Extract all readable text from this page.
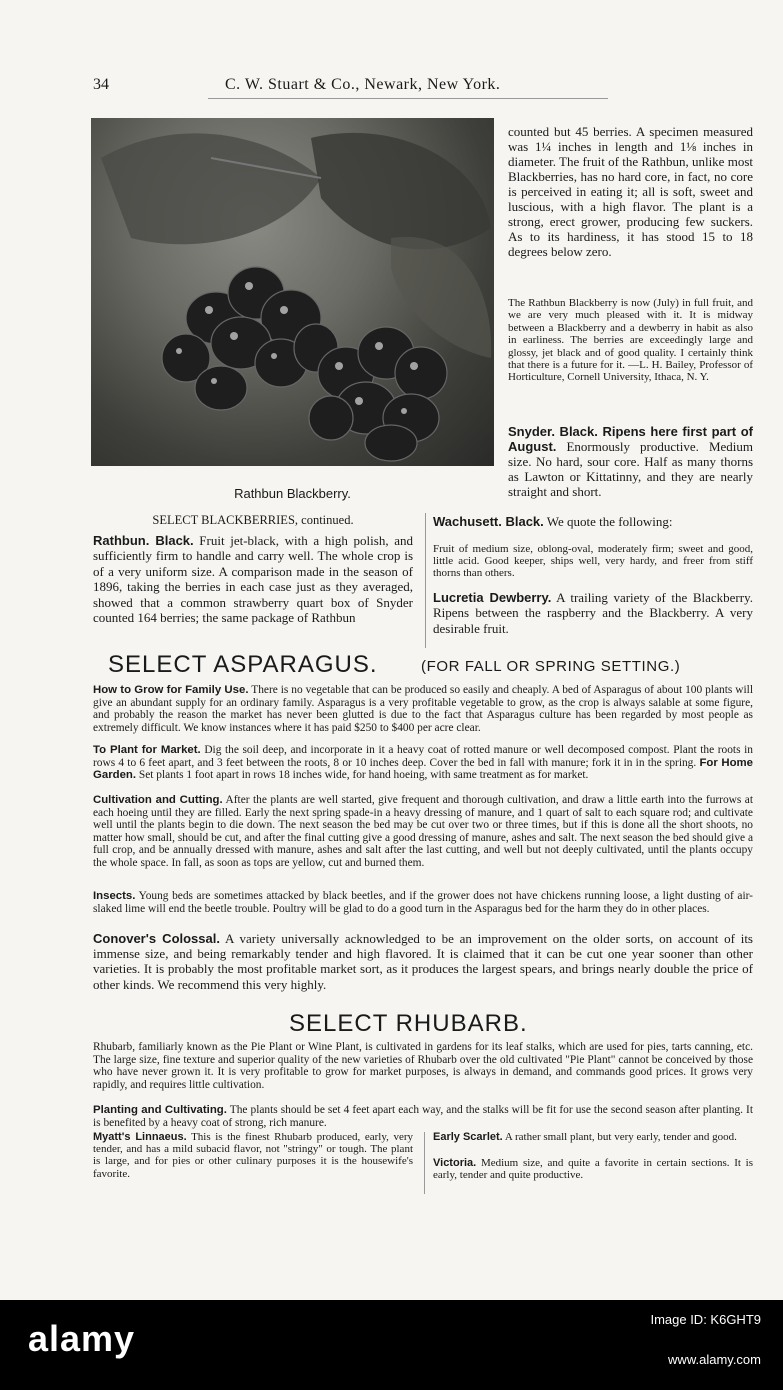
34	C. W. Stuart & Co., Newark, New York.
Rathbun Blackberry.
counted but 45 berries. A specimen measured was 1¼ inches in length and 1⅛ inches in diameter. The fruit of the Rathbun, unlike most Blackberries, has no hard core, in fact, no core is perceived in eating it; all is soft, sweet and luscious, with a high flavor. The plant is a strong, erect grower, producing few suckers. As to its hardiness, it has stood 15 to 18 degrees below zero.
The Rathbun Blackberry is now (July) in full fruit, and we are very much pleased with it. It is midway between a Blackberry and a dewberry in habit as also in earliness. The berries are exceedingly large and glossy, jet black and of good quality. I certainly think that there is a future for it. —L. H. Bailey, Professor of Horticulture, Cornell University, Ithaca, N. Y.
Snyder. Black. Ripens here first part of August. Enormously productive. Medium size. No hard, sour core. Half as many thorns as Lawton or Kittatinny, and they are nearly straight and short.
SELECT BLACKBERRIES, continued.
Rathbun. Black. Fruit jet-black, with a high polish, and sufficiently firm to handle and carry well. The whole crop is of a very uniform size. A comparison made in the season of 1896, taking the berries in each case just as they averaged, showed that a common strawberry quart box of Snyder counted 164 berries; the same package of Rathbun
Wachusett. Black. We quote the following:
Fruit of medium size, oblong-oval, moderately firm; sweet and good, little acid. Good keeper, ships well, very hardy, and freer from stiff thorns than others.
Lucretia Dewberry. A trailing variety of the Blackberry. Ripens between the raspberry and the Blackberry. A very desirable fruit.
SELECT ASPARAGUS.	(FOR FALL OR SPRING SETTING.)
How to Grow for Family Use. There is no vegetable that can be produced so easily and cheaply. A bed of Asparagus of about 100 plants will give an abundant supply for an ordinary family. Asparagus is a very profitable vegetable to grow, as the crop is always salable at some figure, and probably the reason the market has never been glutted is due to the fact that Asparagus culture has been regarded by most people as extremely difficult. We know instances where it has paid $250 to $400 per acre clear.
To Plant for Market. Dig the soil deep, and incorporate in it a heavy coat of rotted manure or well decomposed compost. Plant the roots in rows 4 to 6 feet apart, and 3 feet between the roots, 8 or 10 inches deep. Cover the bed in fall with manure; fork it in in the spring. For Home Garden. Set plants 1 foot apart in rows 18 inches wide, for hand hoeing, with same treatment as for market.
Cultivation and Cutting. After the plants are well started, give frequent and thorough cultivation, and draw a little earth into the furrows at each hoeing until they are filled. Early the next spring spade-in a heavy dressing of manure, and 1 quart of salt to each square rod; and cultivate well until the plants begin to die down. The next season the bed may be cut over two or three times, but if this is done all the short shoots, no matter how small, should be cut, and after the final cutting give a good dressing of manure, ashes and salt. The next season the bed should give a full crop, and be annually dressed with manure, ashes and salt after the last cutting, and well but not deeply cultivated, until the plants occupy the whole space. In fall, as soon as tops are yellow, cut and burned them.
Insects. Young beds are sometimes attacked by black beetles, and if the grower does not have chickens running loose, a light dusting of air-slaked lime will end the beetle trouble. Poultry will be glad to do a good turn in the Asparagus bed for the harm they do in other places.
Conover's Colossal. A variety universally acknowledged to be an improvement on the older sorts, on account of its immense size, and being remarkably tender and high flavored. It is claimed that it can be cut one year sooner than other varieties. It is probably the most profitable market sort, as it produces the largest spears, and brings nearly double the price of other kinds. We recommend this very highly.
SELECT RHUBARB.
Rhubarb, familiarly known as the Pie Plant or Wine Plant, is cultivated in gardens for its leaf stalks, which are used for pies, tarts canning, etc. The large size, fine texture and superior quality of the new varieties of Rhubarb over the old cultivated "Pie Plant" cannot be conceived by those who have never grown it. It is very profitable to grow for market purposes, is always in demand, and commands good prices. It grows very rapidly, and requires little cultivation.
Planting and Cultivating. The plants should be set 4 feet apart each way, and the stalks will be fit for use the second season after planting. It is benefited by a heavy coat of strong, rich manure.
Myatt's Linnaeus. This is the finest Rhubarb produced, early, very tender, and has a mild subacid flavor, not "stringy" or tough. The plant is large, and for pies or other culinary purposes it is the housewife's favorite.
Early Scarlet. A rather small plant, but very early, tender and good.
Victoria. Medium size, and quite a favorite in certain sections. It is early, tender and quite productive.
alamy	Image ID: K6GHT9
www.alamy.com
